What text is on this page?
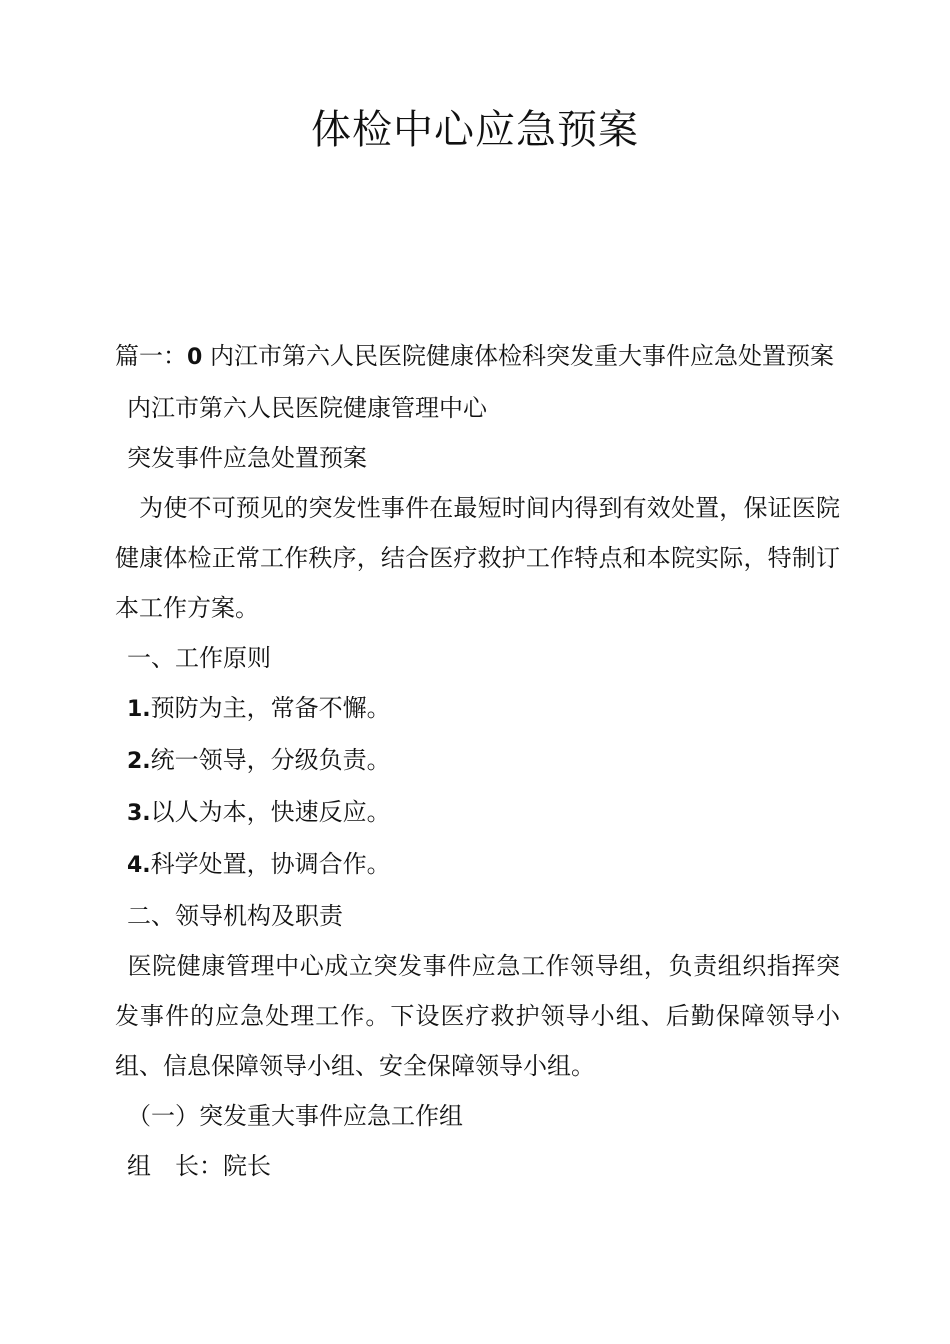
体检中心应急预案

篇一：0 内江市第六人民医院健康体检科突发重大事件应急处置预案

内江市第六人民医院健康管理中心

突发事件应急处置预案

为使不可预见的突发性事件在最短时间内得到有效处置，保证医院健康体检正常工作秩序，结合医疗救护工作特点和本院实际，特制订本工作方案。

一、工作原则

1.预防为主，常备不懈。

2.统一领导，分级负责。

3.以人为本，快速反应。

4.科学处置，协调合作。

二、领导机构及职责

医院健康管理中心成立突发事件应急工作领导组，负责组织指挥突发事件的应急处理工作。下设医疗救护领导小组、后勤保障领导小组、信息保障领导小组、安全保障领导小组。

（一）突发重大事件应急工作组

组　长：院长
